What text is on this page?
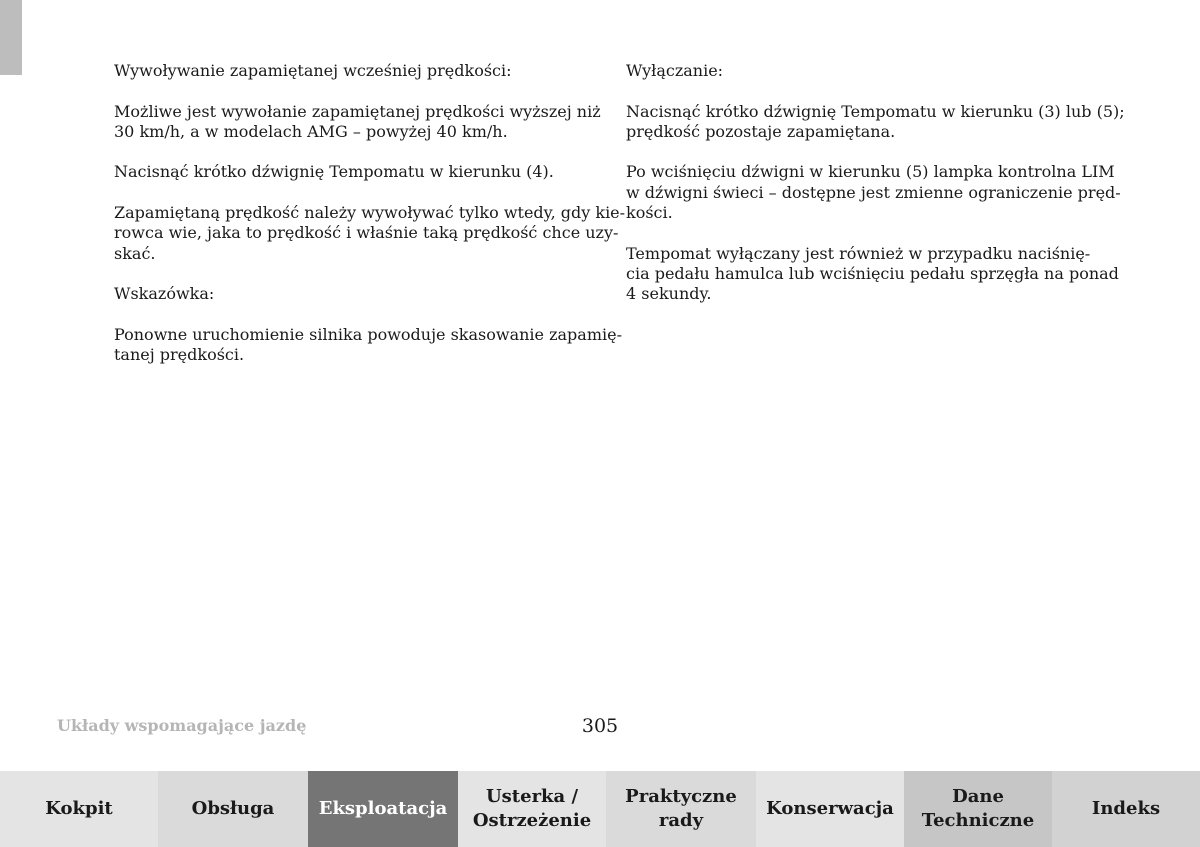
Wywoływanie zapamiętanej wcześniej prędkości:

Możliwe jest wywołanie zapamiętanej prędkości wyższej niż
30 km/h, a w modelach AMG – powyżej 40 km/h.

Nacisnąć krótko dźwignię Tempomatu w kierunku (4).

Zapamiętaną prędkość należy wywoływać tylko wtedy, gdy kie-
rowca wie, jaka to prędkość i właśnie taką prędkość chce uzy-
skać.

Wskazówka:

Ponowne uruchomienie silnika powoduje skasowanie zapamię-
tanej prędkości.

Wyłączanie:

Nacisnąć krótko dźwignię Tempomatu w kierunku (3) lub (5);
prędkość pozostaje zapamiętana.

Po wciśnięciu dźwigni w kierunku (5) lampka kontrolna LIM
w dźwigni świeci – dostępne jest zmienne ograniczenie pręd-
kości.

Tempomat wyłączany jest również w przypadku naciśnię-
cia pedału hamulca lub wciśnięciu pedału sprzęgła na ponad
4 sekundy.

Układy wspomagające jazdę	305
Kokpit	Obsługa Eksploatacja
Usterka /
Ostrzeżenie
Praktyczne
rady
Konserwacja
Dane
Techniczne
Indeks
